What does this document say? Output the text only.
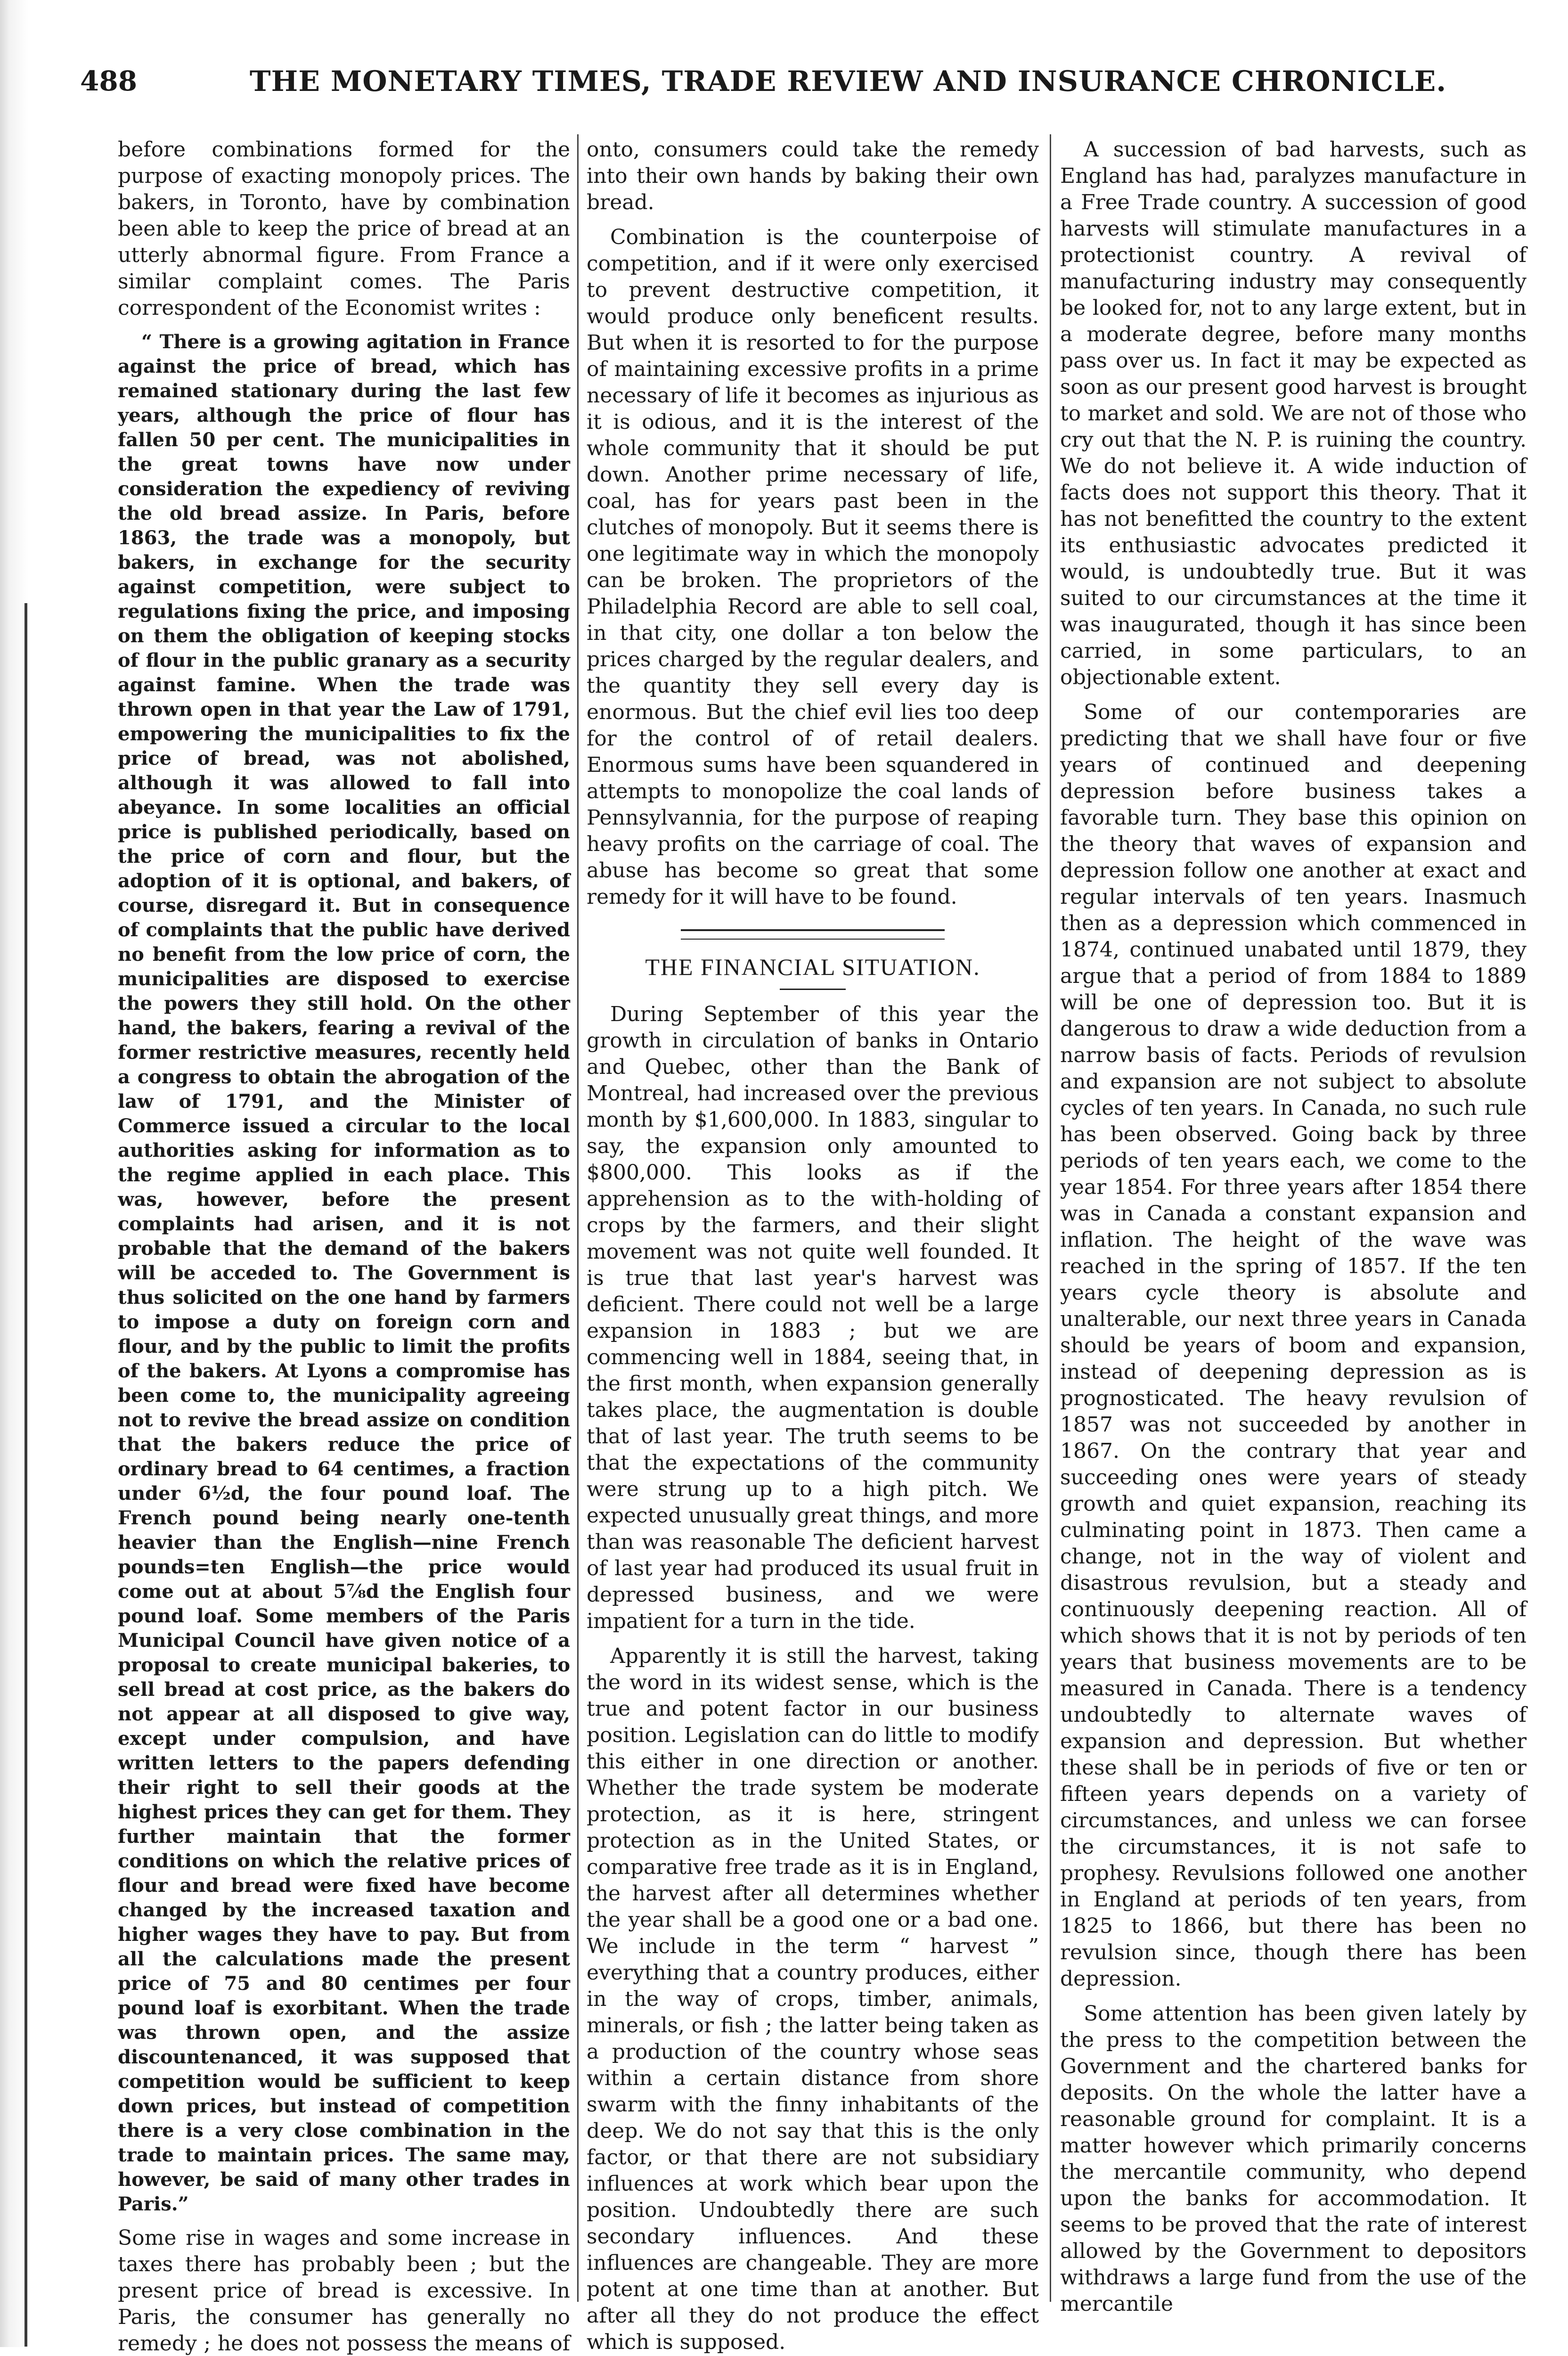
488	THE MONETARY TIMES, TRADE REVIEW AND INSURANCE CHRONICLE.

before combinations formed for the purpose of exacting monopoly prices. The bakers, in Toronto, have by combination been able to keep the price of bread at an utterly abnormal figure. From France a similar complaint comes. The Paris correspondent of the Economist writes :

“ There is a growing agitation in France against the price of bread, which has remained stationary during the last few years, although the price of flour has fallen 50 per cent. The municipalities in the great towns have now under consideration the expediency of reviving the old bread assize. In Paris, before 1863, the trade was a monopoly, but bakers, in exchange for the security against competition, were subject to regulations fixing the price, and imposing on them the obligation of keeping stocks of flour in the public granary as a security against famine. When the trade was thrown open in that year the Law of 1791, empowering the municipalities to fix the price of bread, was not abolished, although it was allowed to fall into abeyance. In some localities an official price is published periodically, based on the price of corn and flour, but the adoption of it is optional, and bakers, of course, disregard it. But in consequence of complaints that the public have derived no benefit from the low price of corn, the municipalities are disposed to exercise the powers they still hold. On the other hand, the bakers, fearing a revival of the former restrictive measures, recently held a congress to obtain the abrogation of the law of 1791, and the Minister of Commerce issued a circular to the local authorities asking for information as to the regime applied in each place. This was, however, before the present complaints had arisen, and it is not probable that the demand of the bakers will be acceded to. The Government is thus solicited on the one hand by farmers to impose a duty on foreign corn and flour, and by the public to limit the profits of the bakers. At Lyons a compromise has been come to, the municipality agreeing not to revive the bread assize on condition that the bakers reduce the price of ordinary bread to 64 centimes, a fraction under 6½d, the four pound loaf. The French pound being nearly one-tenth heavier than the English—nine French pounds=ten English—the price would come out at about 5⅞d the English four pound loaf. Some members of the Paris Municipal Council have given notice of a proposal to create municipal bakeries, to sell bread at cost price, as the bakers do not appear at all disposed to give way, except under compulsion, and have written letters to the papers defending their right to sell their goods at the highest prices they can get for them. They further maintain that the former conditions on which the relative prices of flour and bread were fixed have become changed by the increased taxation and higher wages they have to pay. But from all the calculations made the present price of 75 and 80 centimes per four pound loaf is exorbitant. When the trade was thrown open, and the assize discountenanced, it was supposed that competition would be sufficient to keep down prices, but instead of competition there is a very close combination in the trade to maintain prices. The same may, however, be said of many other trades in Paris.”

Some rise in wages and some increase in taxes there has probably been ; but the present price of bread is excessive. In Paris, the consumer has generally no remedy ; he does not possess the means of

onto, consumers could take the remedy into their own hands by baking their own bread.

Combination is the counterpoise of competition, and if it were only exercised to prevent destructive competition, it would produce only beneficent results. But when it is resorted to for the purpose of maintaining excessive profits in a prime necessary of life it becomes as injurious as it is odious, and it is the interest of the whole community that it should be put down. Another prime necessary of life, coal, has for years past been in the clutches of monopoly. But it seems there is one legitimate way in which the monopoly can be broken. The proprietors of the Philadelphia Record are able to sell coal, in that city, one dollar a ton below the prices charged by the regular dealers, and the quantity they sell every day is enormous. But the chief evil lies too deep for the control of of retail dealers. Enormous sums have been squandered in attempts to monopolize the coal lands of Pennsylvannia, for the purpose of reaping heavy profits on the carriage of coal. The abuse has become so great that some remedy for it will have to be found.

THE FINANCIAL SITUATION.

During September of this year the growth in circulation of banks in Ontario and Quebec, other than the Bank of Montreal, had increased over the previous month by $1,600,000. In 1883, singular to say, the expansion only amounted to $800,000. This looks as if the apprehension as to the with-holding of crops by the farmers, and their slight movement was not quite well founded. It is true that last year's harvest was deficient. There could not well be a large expansion in 1883 ; but we are commencing well in 1884, seeing that, in the first month, when expansion generally takes place, the augmentation is double that of last year. The truth seems to be that the expectations of the community were strung up to a high pitch. We expected unusually great things, and more than was reasonable The deficient harvest of last year had produced its usual fruit in depressed business, and we were impatient for a turn in the tide.

Apparently it is still the harvest, taking the word in its widest sense, which is the true and potent factor in our business position. Legislation can do little to modify this either in one direction or another. Whether the trade system be moderate protection, as it is here, stringent protection as in the United States, or comparative free trade as it is in England, the harvest after all determines whether the year shall be a good one or a bad one. We include in the term “ harvest ” everything that a country produces, either in the way of crops, timber, animals, minerals, or fish ; the latter being taken as a production of the country whose seas within a certain distance from shore swarm with the finny inhabitants of the deep. We do not say that this is the only factor, or that there are not subsidiary influences at work which bear upon the position. Undoubtedly there are such secondary influences. And these influences are changeable. They are more potent at one time than at another. But after all they do not produce the effect which is supposed.

A succession of bad harvests, such as England has had, paralyzes manufacture in a Free Trade country. A succession of good harvests will stimulate manufactures in a protectionist country. A revival of manufacturing industry may consequently be looked for, not to any large extent, but in a moderate degree, before many months pass over us. In fact it may be expected as soon as our present good harvest is brought to market and sold. We are not of those who cry out that the N. P. is ruining the country. We do not believe it. A wide induction of facts does not support this theory. That it has not benefitted the country to the extent its enthusiastic advocates predicted it would, is undoubtedly true. But it was suited to our circumstances at the time it was inaugurated, though it has since been carried, in some particulars, to an objectionable extent.

Some of our contemporaries are predicting that we shall have four or five years of continued and deepening depression before business takes a favorable turn. They base this opinion on the theory that waves of expansion and depression follow one another at exact and regular intervals of ten years. Inasmuch then as a depression which commenced in 1874, continued unabated until 1879, they argue that a period of from 1884 to 1889 will be one of depression too. But it is dangerous to draw a wide deduction from a narrow basis of facts. Periods of revulsion and expansion are not subject to absolute cycles of ten years. In Canada, no such rule has been observed. Going back by three periods of ten years each, we come to the year 1854. For three years after 1854 there was in Canada a constant expansion and inflation. The height of the wave was reached in the spring of 1857. If the ten years cycle theory is absolute and unalterable, our next three years in Canada should be years of boom and expansion, instead of deepening depression as is prognosticated. The heavy revulsion of 1857 was not succeeded by another in 1867. On the contrary that year and succeeding ones were years of steady growth and quiet expansion, reaching its culminating point in 1873. Then came a change, not in the way of violent and disastrous revulsion, but a steady and continuously deepening reaction. All of which shows that it is not by periods of ten years that business movements are to be measured in Canada. There is a tendency undoubtedly to alternate waves of expansion and depression. But whether these shall be in periods of five or ten or fifteen years depends on a variety of circumstances, and unless we can forsee the circumstances, it is not safe to prophesy. Revulsions followed one another in England at periods of ten years, from 1825 to 1866, but there has been no revulsion since, though there has been depression.

Some attention has been given lately by the press to the competition between the Government and the chartered banks for deposits. On the whole the latter have a reasonable ground for complaint. It is a matter however which primarily concerns the mercantile community, who depend upon the banks for accommodation. It seems to be proved that the rate of interest allowed by the Government to depositors withdraws a large fund from the use of the mercantile
